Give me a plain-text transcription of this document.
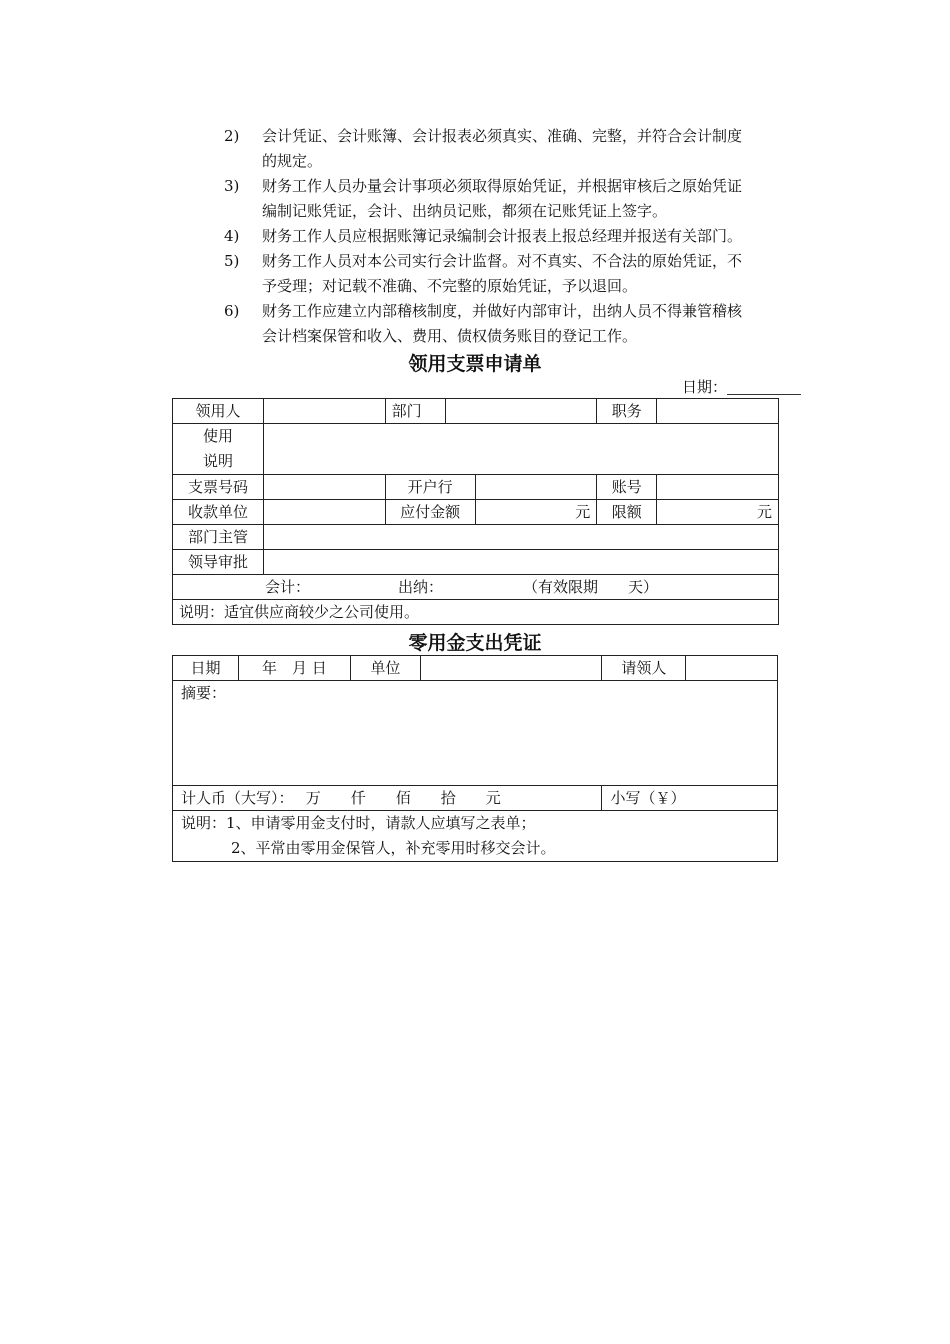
2) 会计凭证、会计账簿、会计报表必须真实、准确、完整，并符合会计制度
的规定。
3) 财务工作人员办量会计事项必须取得原始凭证，并根据审核后之原始凭证
编制记账凭证，会计、出纳员记账，都须在记账凭证上签字。
4) 财务工作人员应根据账簿记录编制会计报表上报总经理并报送有关部门。
5) 财务工作人员对本公司实行会计监督。对不真实、不合法的原始凭证，不
予受理；对记载不准确、不完整的原始凭证，予以退回。
6) 财务工作应建立内部稽核制度，并做好内部审计，出纳人员不得兼管稽核
会计档案保管和收入、费用、债权债务账目的登记工作。
领用支票申请单
日期：
领用人		部门			职务	

使用
说明						

支票号码		开户行			账号	
收款单位		应付金额		元	限额	元
部门主管						
领导审批						
会计： 出纳： （有效限期　　天）						
说明：适宜供应商较少之公司使用。						
零用金支出凭证
日期	年　月 日	单位		请领人	
摘要：					
计人币（大写）：　 万　　仟　　佰　　拾　　元				小写（￥）	

说明：1、申请零用金支付时，请款人应填写之表单；
2、平常由零用金保管人，补充零用时移交会计。					
